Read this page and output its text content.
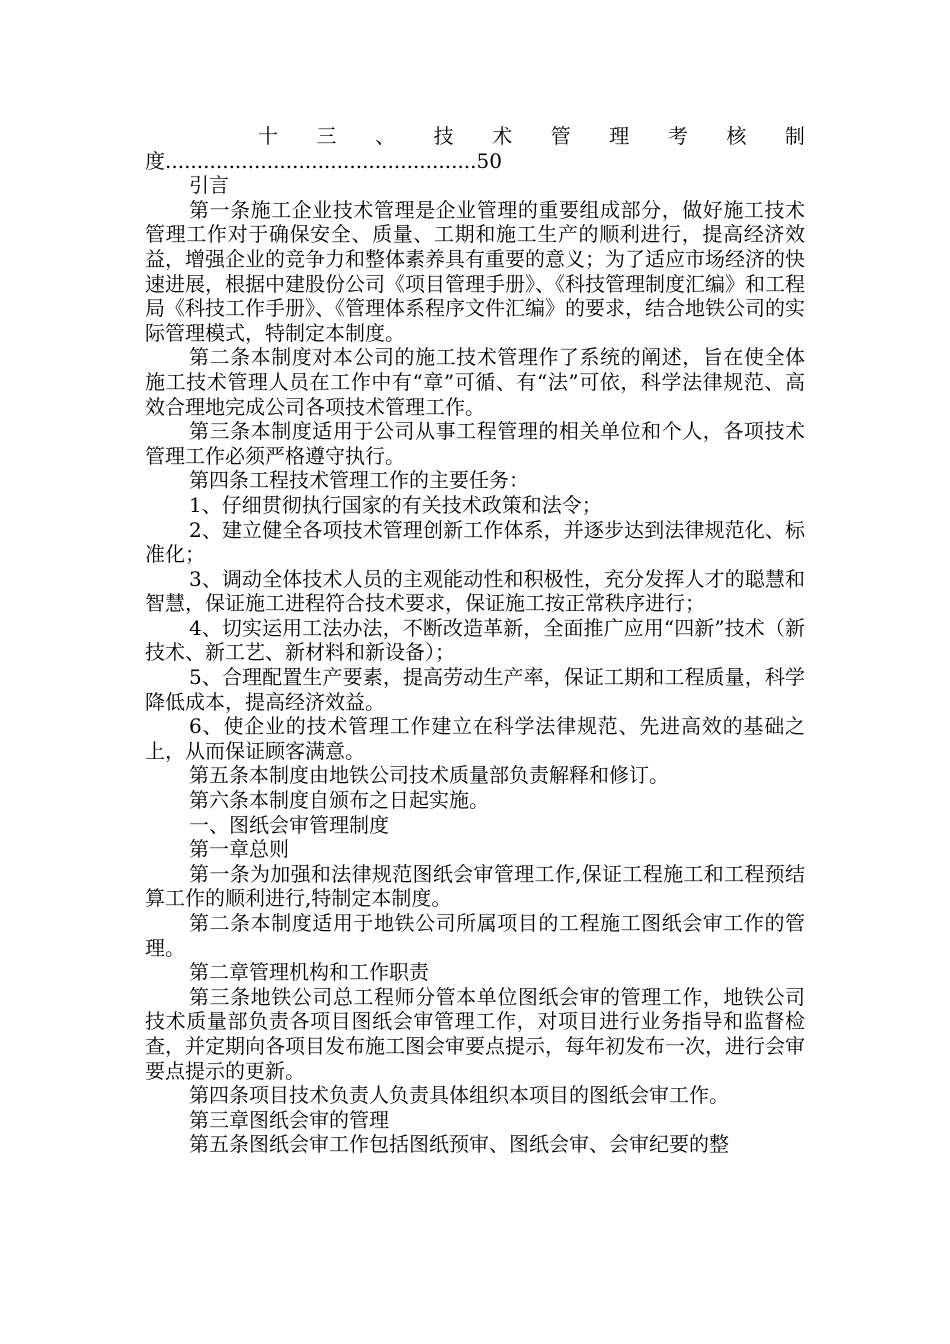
十 三 、 技 术 管 理 考 核 制
度.................................................50

引言

第一条施工企业技术管理是企业管理的重要组成部分，做好施工技术管理工作对于确保安全、质量、工期和施工生产的顺利进行，提高经济效益，增强企业的竞争力和整体素养具有重要的意义；为了适应市场经济的快速进展，根据中建股份公司《项目管理手册》、《科技管理制度汇编》和工程局《科技工作手册》、《管理体系程序文件汇编》的要求，结合地铁公司的实际管理模式，特制定本制度。

第二条本制度对本公司的施工技术管理作了系统的阐述，旨在使全体施工技术管理人员在工作中有“章”可循、有“法”可依，科学法律规范、高效合理地完成公司各项技术管理工作。

第三条本制度适用于公司从事工程管理的相关单位和个人，各项技术管理工作必须严格遵守执行。

第四条工程技术管理工作的主要任务：

1、仔细贯彻执行国家的有关技术政策和法令；

2、建立健全各项技术管理创新工作体系，并逐步达到法律规范化、标准化；

3、调动全体技术人员的主观能动性和积极性，充分发挥人才的聪慧和智慧，保证施工进程符合技术要求，保证施工按正常秩序进行；

4、切实运用工法办法，不断改造革新，全面推广应用“四新”技术（新技术、新工艺、新材料和新设备）；

5、合理配置生产要素，提高劳动生产率，保证工期和工程质量，科学降低成本，提高经济效益。

6、使企业的技术管理工作建立在科学法律规范、先进高效的基础之上，从而保证顾客满意。

第五条本制度由地铁公司技术质量部负责解释和修订。

第六条本制度自颁布之日起实施。

一、图纸会审管理制度

第一章总则

第一条为加强和法律规范图纸会审管理工作,保证工程施工和工程预结算工作的顺利进行,特制定本制度。

第二条本制度适用于地铁公司所属项目的工程施工图纸会审工作的管理。

第二章管理机构和工作职责

第三条地铁公司总工程师分管本单位图纸会审的管理工作，地铁公司技术质量部负责各项目图纸会审管理工作，对项目进行业务指导和监督检查，并定期向各项目发布施工图会审要点提示，每年初发布一次，进行会审要点提示的更新。

第四条项目技术负责人负责具体组织本项目的图纸会审工作。

第三章图纸会审的管理

第五条图纸会审工作包括图纸预审、图纸会审、会审纪要的整
